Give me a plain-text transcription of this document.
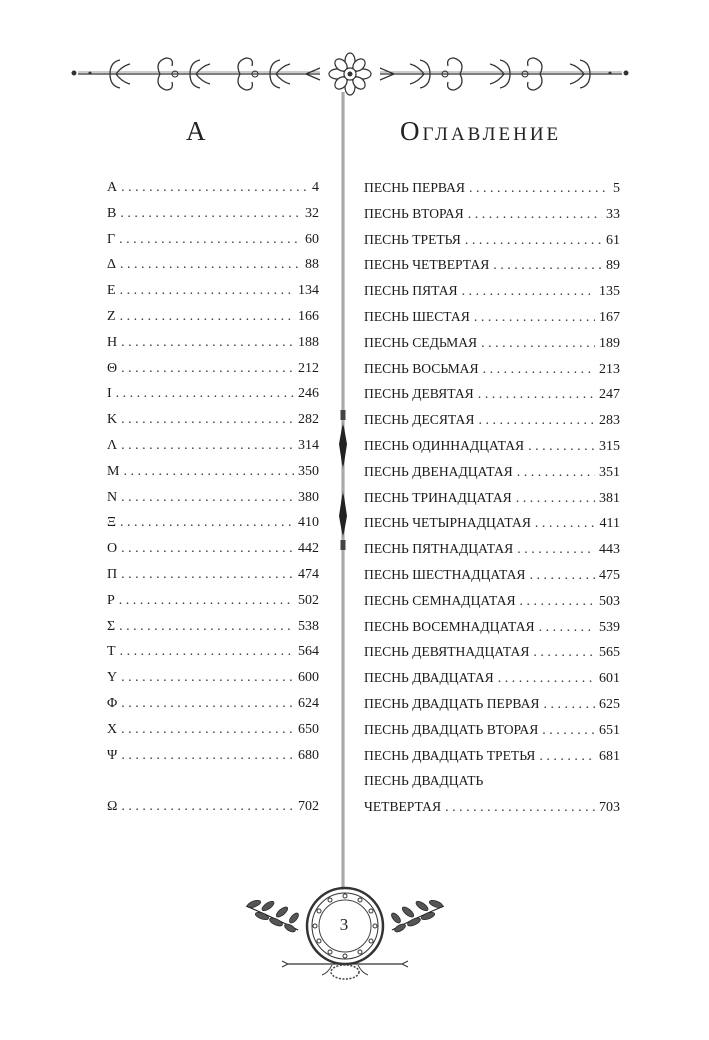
А	Оглавление
Α . . .	4
Β . . .	32
Γ . . .	60
Δ . . .	88
Ε . . .	134
Ζ . . .	166
Η . . .	188
Θ . . .	212
Ι . . .	246
Κ . . .	282
Λ . . .	314
Μ . . .	350
Ν . . .	380
Ξ . . .	410
Ο . . .	442
Π . . .	474
Ρ . . .	502
Σ . . .	538
Τ . . .	564
Υ . . .	600
Φ . . .	624
Χ . . .	650
Ψ . . .	680
Ω . . .	702
ПЕСНЬ ПЕРВАЯ . . .	5
ПЕСНЬ ВТОРАЯ . . .	33
ПЕСНЬ ТРЕТЬЯ . . .	61
ПЕСНЬ ЧЕТВЕРТАЯ . . .	89
ПЕСНЬ ПЯТАЯ . . .	135
ПЕСНЬ ШЕСТАЯ . . .	167
ПЕСНЬ СЕДЬМАЯ . . .	189
ПЕСНЬ ВОСЬМАЯ . . .	213
ПЕСНЬ ДЕВЯТАЯ . . .	247
ПЕСНЬ ДЕСЯТАЯ . . .	283
ПЕСНЬ ОДИННАДЦАТАЯ . . .	315
ПЕСНЬ ДВЕНАДЦАТАЯ . . .	351
ПЕСНЬ ТРИНАДЦАТАЯ . . .	381
ПЕСНЬ ЧЕТЫРНАДЦАТАЯ . . .	411
ПЕСНЬ ПЯТНАДЦАТАЯ . . .	443
ПЕСНЬ ШЕСТНАДЦАТАЯ . . .	475
ПЕСНЬ СЕМНАДЦАТАЯ . . .	503
ПЕСНЬ ВОСЕМНАДЦАТАЯ . . .	539
ПЕСНЬ ДЕВЯТНАДЦАТАЯ . . .	565
ПЕСНЬ ДВАДЦАТАЯ . . .	601
ПЕСНЬ ДВАДЦАТЬ ПЕРВАЯ . . .	625
ПЕСНЬ ДВАДЦАТЬ ВТОРАЯ . . .	651
ПЕСНЬ ДВАДЦАТЬ ТРЕТЬЯ . . .	681
ПЕСНЬ ДВАДЦАТЬ
ЧЕТВЕРТАЯ . . .	703
3
